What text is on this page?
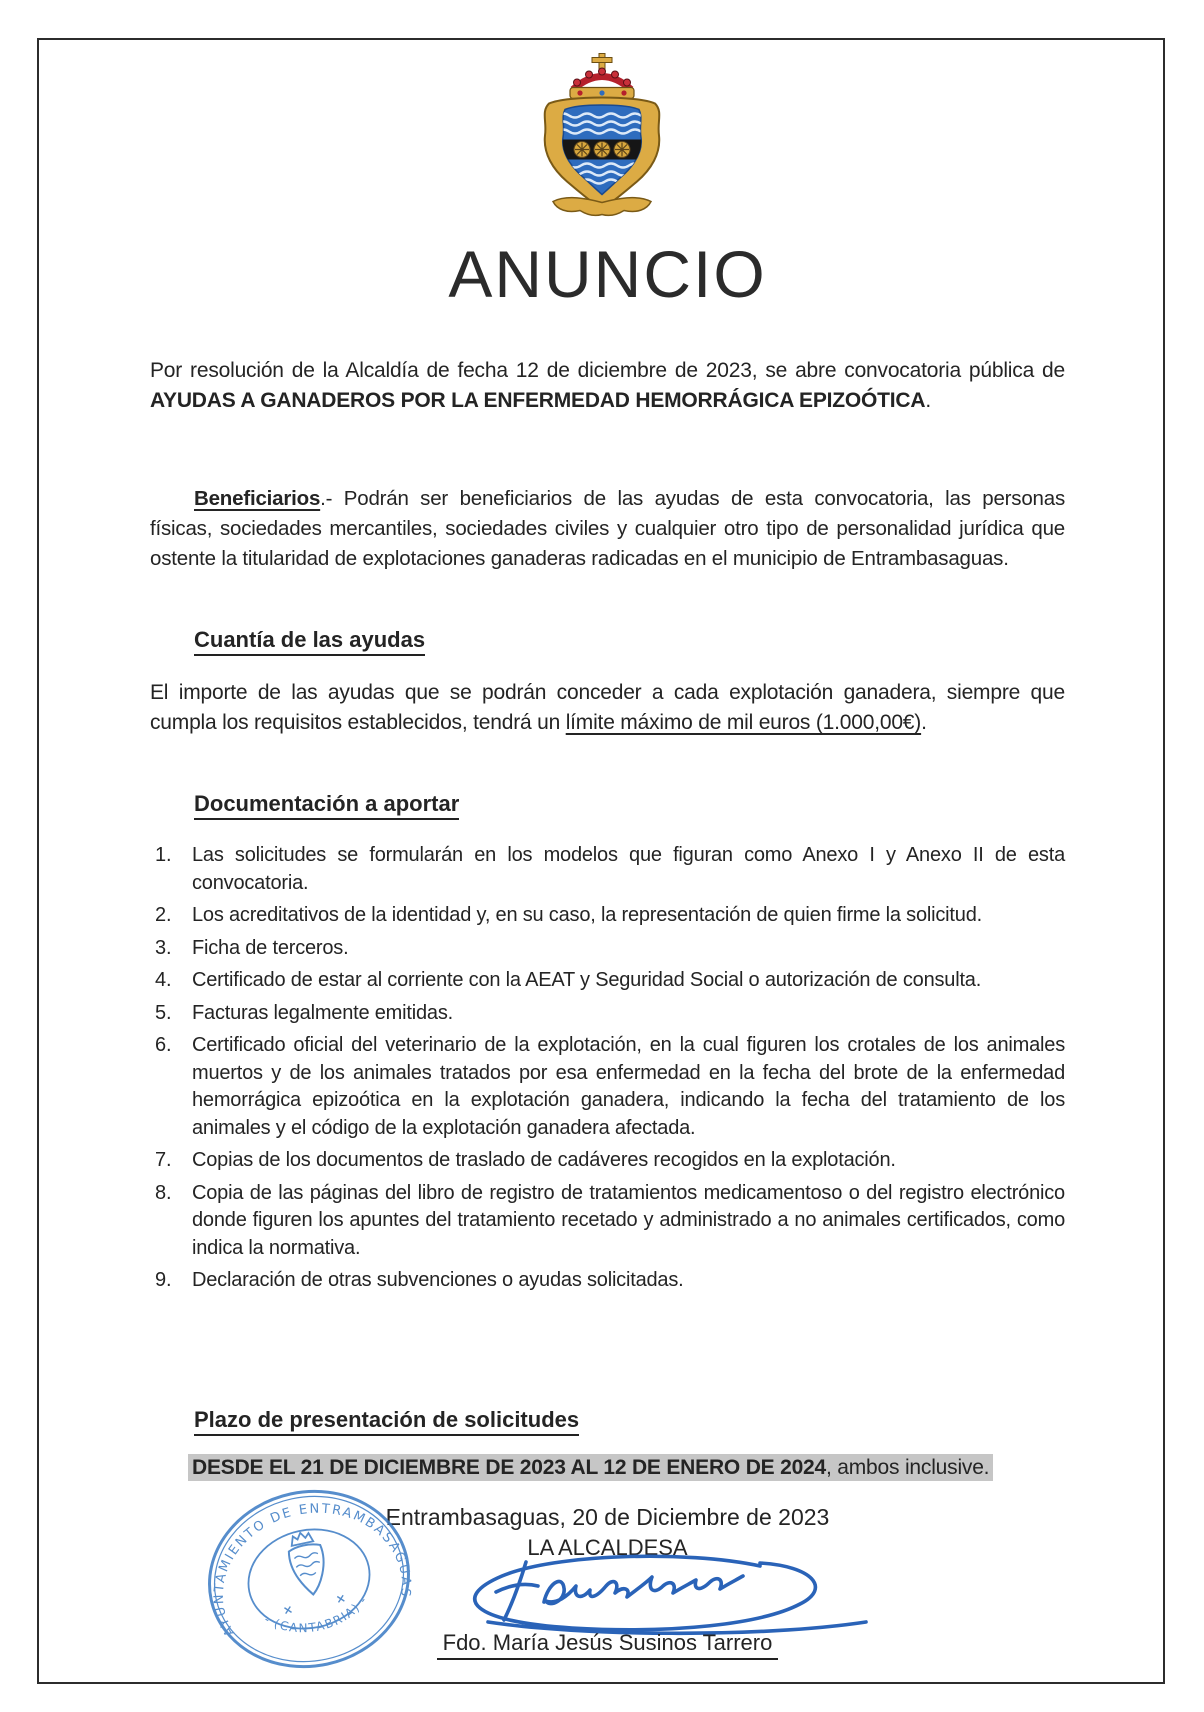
ANUNCIO

Por resolución de la Alcaldía de fecha 12 de diciembre de 2023, se abre convocatoria pública de AYUDAS A GANADEROS POR LA ENFERMEDAD HEMORRÁGICA EPIZOÓTICA.

Beneficiarios.- Podrán ser beneficiarios de las ayudas de esta convocatoria, las personas físicas, sociedades mercantiles, sociedades civiles y cualquier otro tipo de personalidad jurídica que ostente la titularidad de explotaciones ganaderas radicadas en el municipio de Entrambasaguas.

Cuantía de las ayudas

El importe de las ayudas que se podrán conceder a cada explotación ganadera, siempre que cumpla los requisitos establecidos, tendrá un límite máximo de mil euros (1.000,00€).

Documentación a aportar
Las solicitudes se formularán en los modelos que figuran como Anexo I y Anexo II de esta convocatoria.
Los acreditativos de la identidad y, en su caso, la representación de quien firme la solicitud.
Ficha de terceros.
Certificado de estar al corriente con la AEAT y Seguridad Social o autorización de consulta.
Facturas legalmente emitidas.
Certificado oficial del veterinario de la explotación, en la cual figuren los crotales de los animales muertos y de los animales tratados por esa enfermedad en la fecha del brote de la enfermedad hemorrágica epizoótica en la explotación ganadera, indicando la fecha del tratamiento de los animales y el código de la explotación ganadera afectada.
Copias de los documentos de traslado de cadáveres recogidos en la explotación.
Copia de las páginas del libro de registro de tratamientos medicamentoso o del registro electrónico donde figuren los apuntes del tratamiento recetado y administrado a no animales certificados, como indica la normativa.
Declaración de otras subvenciones o ayudas solicitadas.
Plazo de presentación de solicitudes

DESDE EL 21 DE DICIEMBRE DE 2023 AL 12 DE ENERO DE 2024, ambos inclusive.

Entrambasaguas, 20 de Diciembre de 2023
LA ALCALDESA
Fdo. María Jesús Susinos Tarrero
AYUNTAMIENTO DE ENTRAMBASAGUAS
- (CANTABRIA) -
